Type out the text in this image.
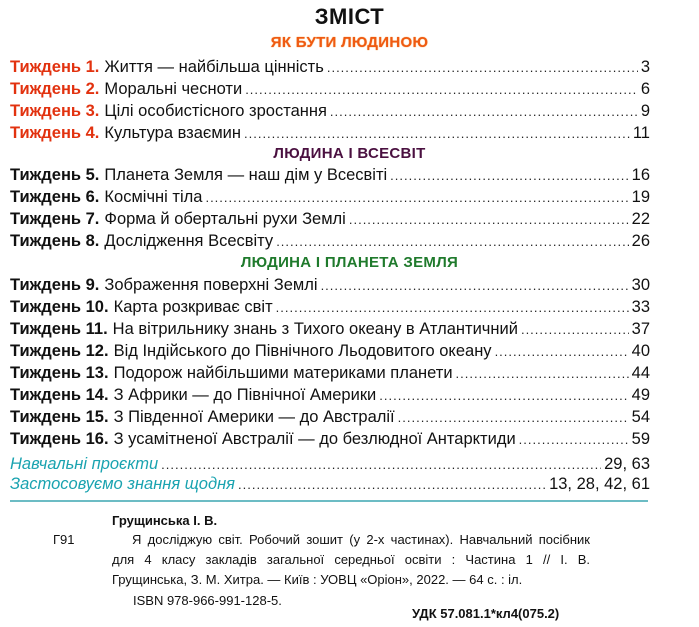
ЗМІСТ
ЯК БУТИ ЛЮДИНОЮ
Тиждень 1. Життя — найбільша цінність .....	3
Тиждень 2. Моральні чесноти .....	6
Тиждень 3. Цілі особистісного зростання .....	9
Тиждень 4. Культура взаємин .....	11
ЛЮДИНА І ВСЕСВІТ
Тиждень 5. Планета Земля — наш дім у Всесвіті .....	16
Тиждень 6. Космічні тіла .....	19
Тиждень 7. Форма й обертальні рухи Землі .....	22
Тиждень 8. Дослідження Всесвіту .....	26
ЛЮДИНА І ПЛАНЕТА ЗЕМЛЯ
Тиждень 9. Зображення поверхні Землі .....	30
Тиждень 10. Карта розкриває світ .....	33
Тиждень 11. На вітрильнику знань з Тихого океану в Атлантичний .....	37
Тиждень 12. Від Індійського до Північного Льодовитого океану .....	40
Тиждень 13. Подорож найбільшими материками планети .....	44
Тиждень 14. З Африки — до Північної Америки .....	49
Тиждень 15. З Південної Америки — до Австралії .....	54
Тиждень 16. З усамітненої Австралії — до безлюдної Антарктиди .....	59
Навчальні проєкти .....	29, 63
Застосовуємо знання щодня .....	13, 28, 42, 61
Грущинська І. В.
Г91	Я досліджую світ. Робочий зошит (у 2-х частинах). Навчальний посібник для 4 класу закладів загальної середньої освіти : Частина 1 // І. В. Грущинська, З. М. Хитра. — Київ : УОВЦ «Оріон», 2022. — 64 с. : іл.
ISBN 978-966-991-128-5.
УДК 57.081.1*кл4(075.2)
